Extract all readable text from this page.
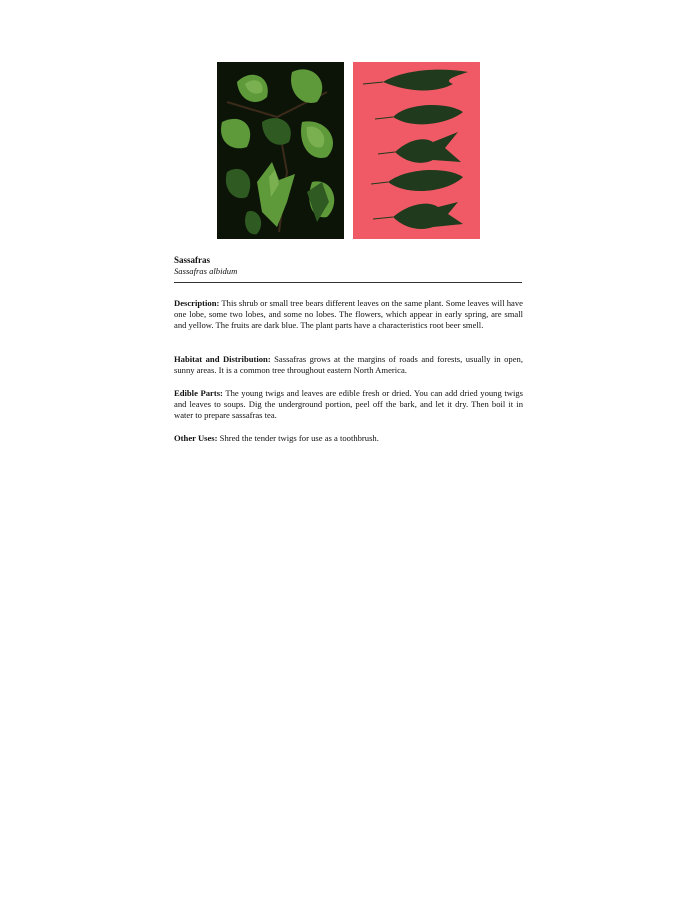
Sassafras
Sassafras albidum

Description: This shrub or small tree bears different leaves on the same plant. Some leaves will have one lobe, some two lobes, and some no lobes. The flowers, which appear in early spring, are small and yellow. The fruits are dark blue. The plant parts have a characteristics root beer smell.

Habitat and Distribution: Sassafras grows at the margins of roads and forests, usually in open, sunny areas. It is a common tree throughout eastern North America.

Edible Parts: The young twigs and leaves are edible fresh or dried. You can add dried young twigs and leaves to soups. Dig the underground portion, peel off the bark, and let it dry. Then boil it in water to prepare sassafras tea.

Other Uses: Shred the tender twigs for use as a toothbrush.
